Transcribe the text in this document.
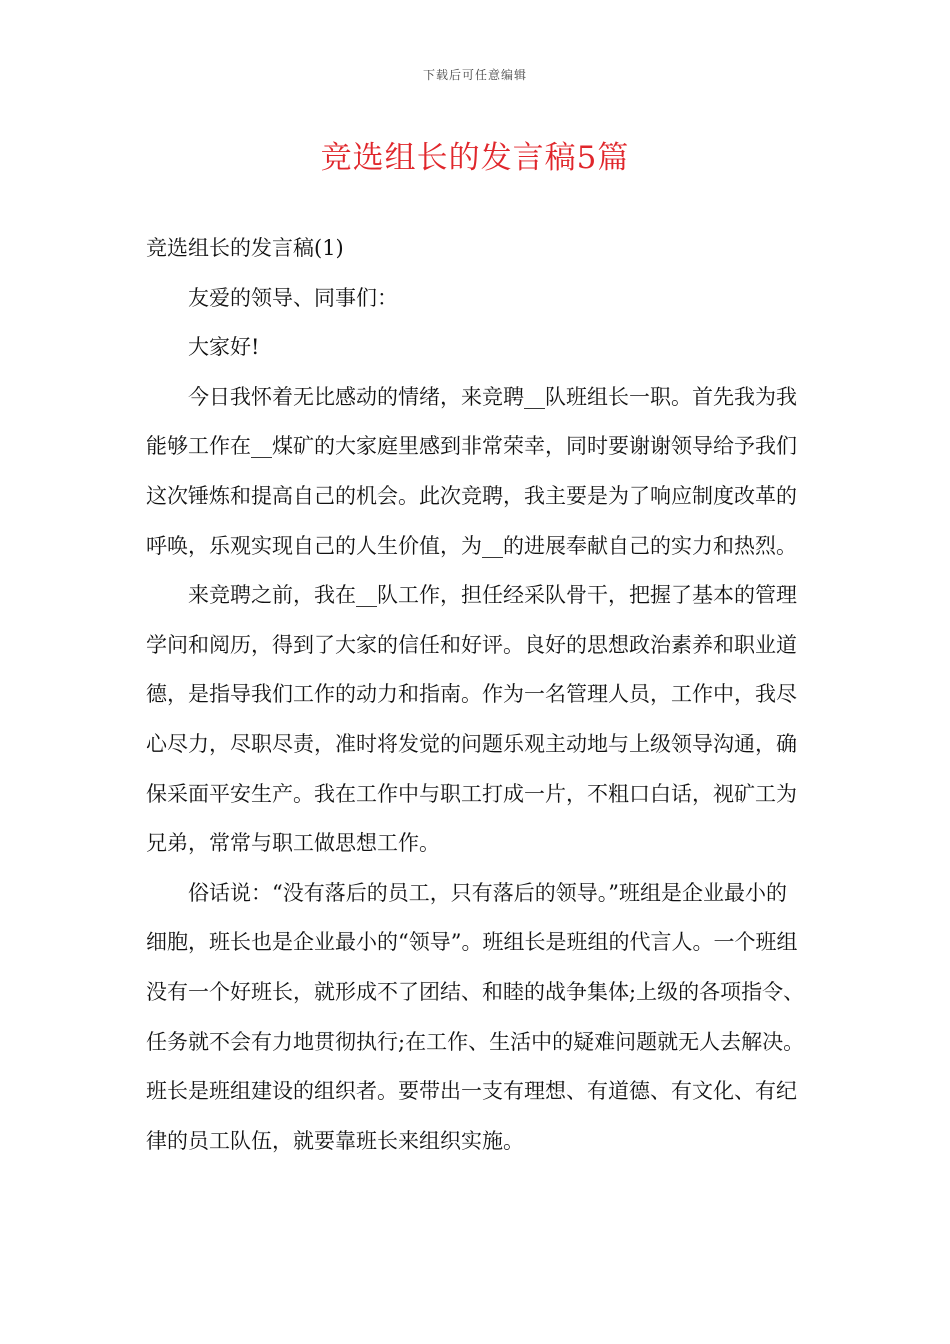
下载后可任意编辑
竞选组长的发言稿5篇

竞选组长的发言稿(1)

友爱的领导、同事们：

大家好!

今日我怀着无比感动的情绪，来竞聘__队班组长一职。首先我为我能够工作在__煤矿的大家庭里感到非常荣幸，同时要谢谢领导给予我们这次锤炼和提高自己的机会。此次竞聘，我主要是为了响应制度改革的呼唤，乐观实现自己的人生价值，为__的进展奉献自己的实力和热烈。

来竞聘之前，我在__队工作，担任经采队骨干，把握了基本的管理学问和阅历，得到了大家的信任和好评。良好的思想政治素养和职业道德，是指导我们工作的动力和指南。作为一名管理人员，工作中，我尽心尽力，尽职尽责，准时将发觉的问题乐观主动地与上级领导沟通，确保采面平安生产。我在工作中与职工打成一片，不粗口白话，视矿工为兄弟，常常与职工做思想工作。

俗话说：“没有落后的员工，只有落后的领导。”班组是企业最小的细胞，班长也是企业最小的“领导”。班组长是班组的代言人。一个班组没有一个好班长，就形成不了团结、和睦的战争集体;上级的各项指令、任务就不会有力地贯彻执行;在工作、生活中的疑难问题就无人去解决。班长是班组建设的组织者。要带出一支有理想、有道德、有文化、有纪律的员工队伍，就要靠班长来组织实施。
